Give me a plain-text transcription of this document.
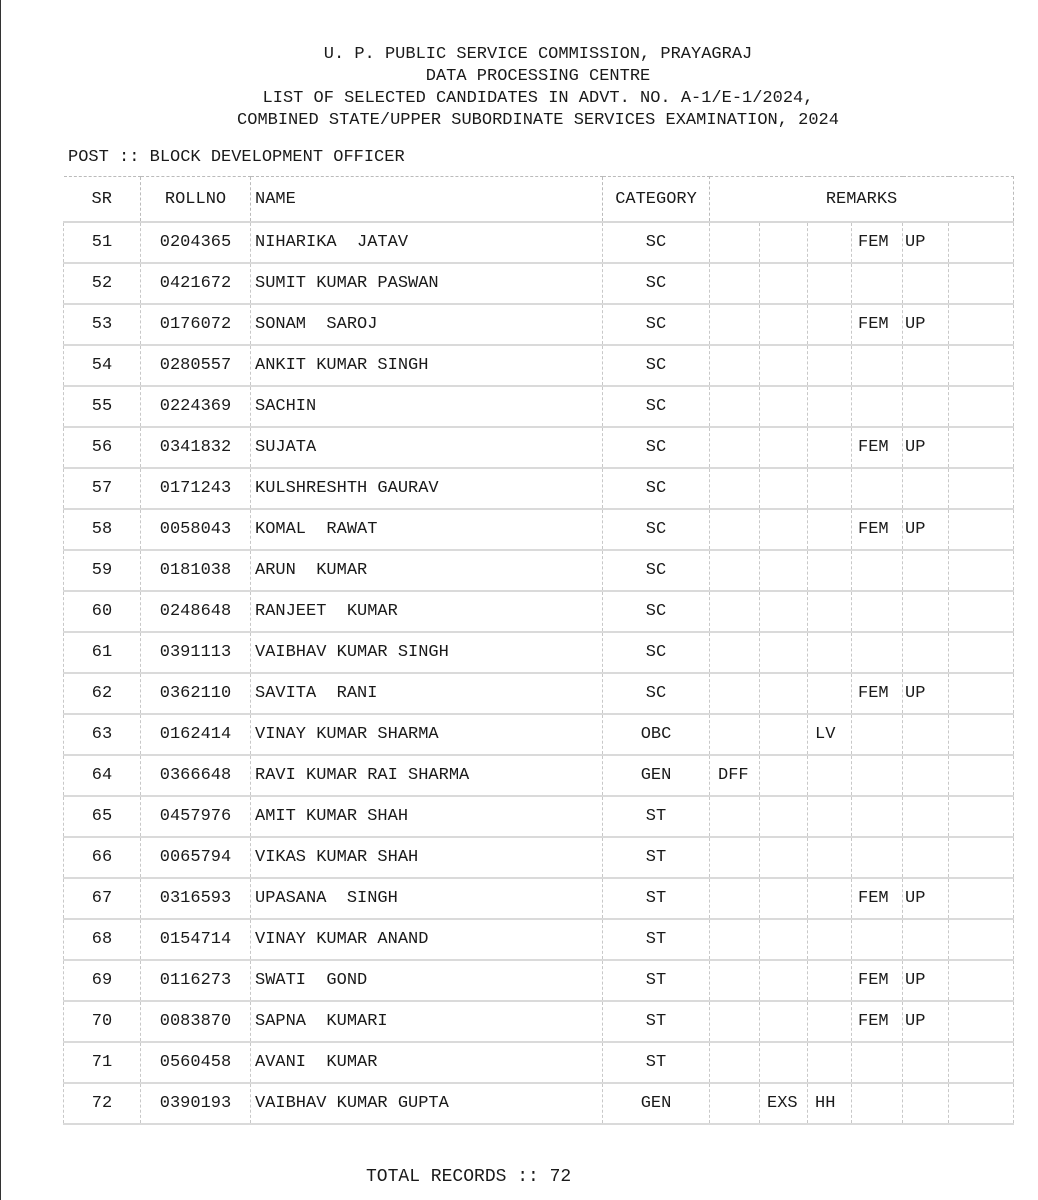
U. P. PUBLIC SERVICE COMMISSION, PRAYAGRAJ
DATA PROCESSING CENTRE
LIST OF SELECTED CANDIDATES IN ADVT. NO. A-1/E-1/2024,
COMBINED STATE/UPPER SUBORDINATE SERVICES EXAMINATION, 2024
POST :: BLOCK DEVELOPMENT OFFICER
SR	ROLLNO	NAME	CATEGORY	REMARKS					
51	0204365	NIHARIKA  JATAV	SC				FEM	UP	
52	0421672	SUMIT KUMAR PASWAN	SC						
53	0176072	SONAM  SAROJ	SC				FEM	UP	
54	0280557	ANKIT KUMAR SINGH	SC						
55	0224369	SACHIN	SC						
56	0341832	SUJATA	SC				FEM	UP	
57	0171243	KULSHRESHTH GAURAV	SC						
58	0058043	KOMAL  RAWAT	SC				FEM	UP	
59	0181038	ARUN  KUMAR	SC						
60	0248648	RANJEET  KUMAR	SC						
61	0391113	VAIBHAV KUMAR SINGH	SC						
62	0362110	SAVITA  RANI	SC				FEM	UP	
63	0162414	VINAY KUMAR SHARMA	OBC			LV			
64	0366648	RAVI KUMAR RAI SHARMA	GEN	DFF					
65	0457976	AMIT KUMAR SHAH	ST						
66	0065794	VIKAS KUMAR SHAH	ST						
67	0316593	UPASANA  SINGH	ST				FEM	UP	
68	0154714	VINAY KUMAR ANAND	ST						
69	0116273	SWATI  GOND	ST				FEM	UP	
70	0083870	SAPNA  KUMARI	ST				FEM	UP	
71	0560458	AVANI  KUMAR	ST						
72	0390193	VAIBHAV KUMAR GUPTA	GEN		EXS	HH			
TOTAL RECORDS :: 72
